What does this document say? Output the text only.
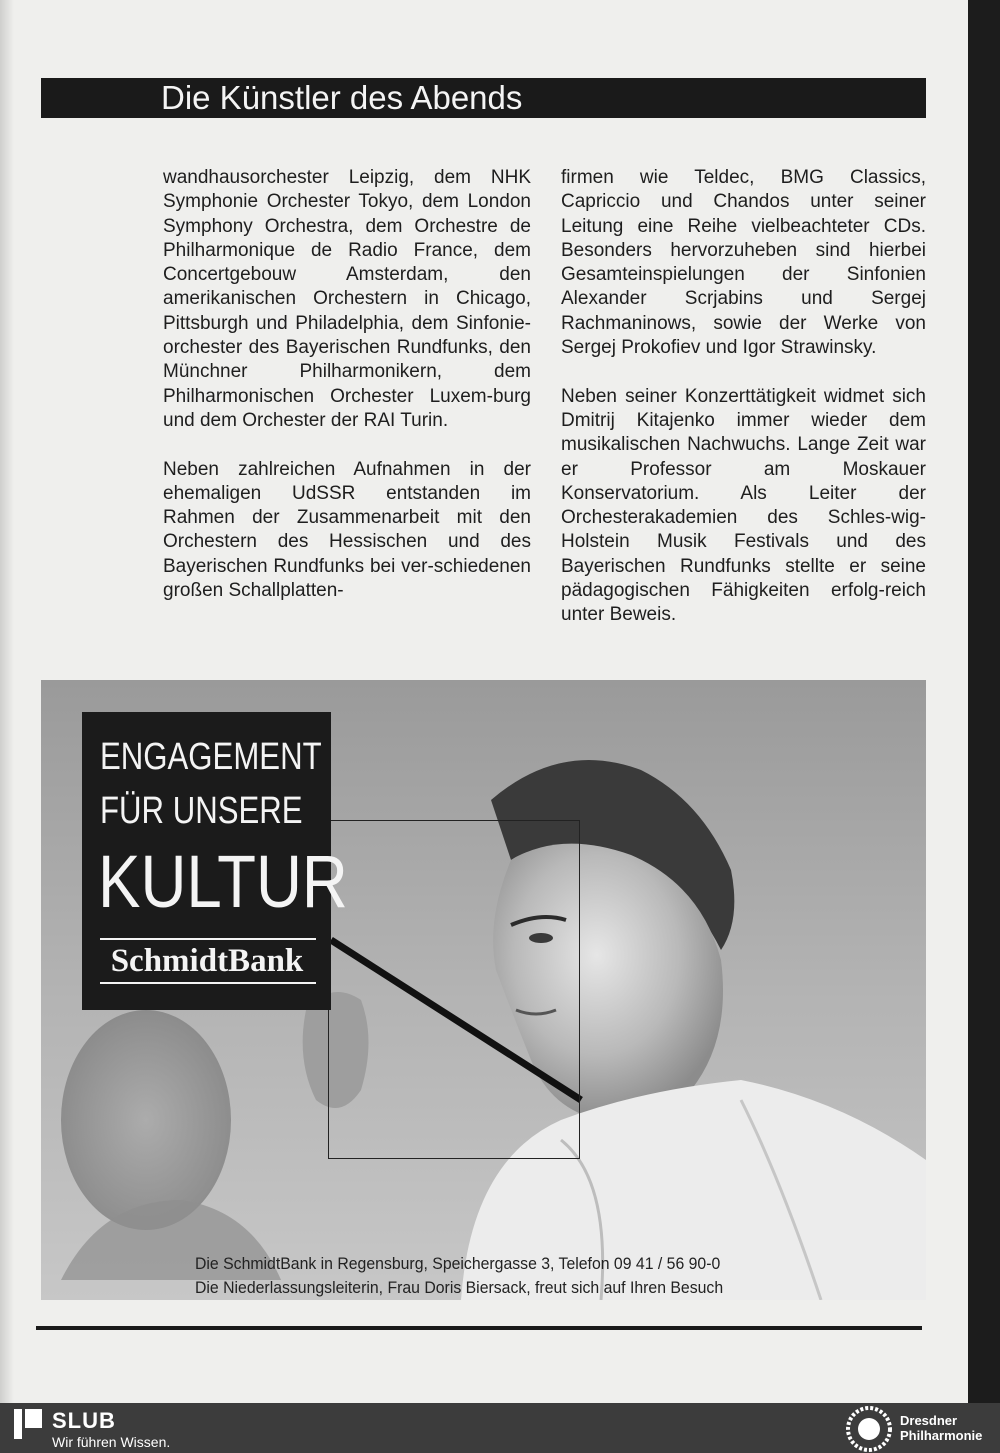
Die Künstler des Abends

wandhausorchester Leipzig, dem NHK Symphonie Orchester Tokyo, dem London Symphony Orchestra, dem Orchestre de Philharmonique de Radio France, dem Concertgebouw Amsterdam, den amerikanischen Orchestern in Chicago, Pittsburgh und Philadelphia, dem Sinfonie-orchester des Bayerischen Rundfunks, den Münchner Philharmonikern, dem Philharmonischen Orchester Luxem-burg und dem Orchester der RAI Turin.

Neben zahlreichen Aufnahmen in der ehemaligen UdSSR entstanden im Rahmen der Zusammenarbeit mit den Orchestern des Hessischen und des Bayerischen Rundfunks bei ver-schiedenen großen Schallplatten-

firmen wie Teldec, BMG Classics, Capriccio und Chandos unter seiner Leitung eine Reihe vielbeachteter CDs. Besonders hervorzuheben sind hierbei Gesamteinspielungen der Sinfonien Alexander Scrjabins und Sergej Rachmaninows, sowie der Werke von Sergej Prokofiev und Igor Strawinsky.

Neben seiner Konzerttätigkeit widmet sich Dmitrij Kitajenko immer wieder dem musikalischen Nachwuchs. Lange Zeit war er Professor am Moskauer Konservatorium. Als Leiter der Orchesterakademien des Schles-wig-Holstein Musik Festivals und des Bayerischen Rundfunks stellte er seine pädagogischen Fähigkeiten erfolg-reich unter Beweis.

ENGAGEMENT
FÜR UNSERE
KULTUR
SchmidtBank
Die SchmidtBank in Regensburg, Speichergasse 3, Telefon 09 41 / 56 90-0
Die Niederlassungsleiterin, Frau Doris Biersack, freut sich auf Ihren Besuch
SLUB
Wir führen Wissen.
Dresdner
Philharmonie
